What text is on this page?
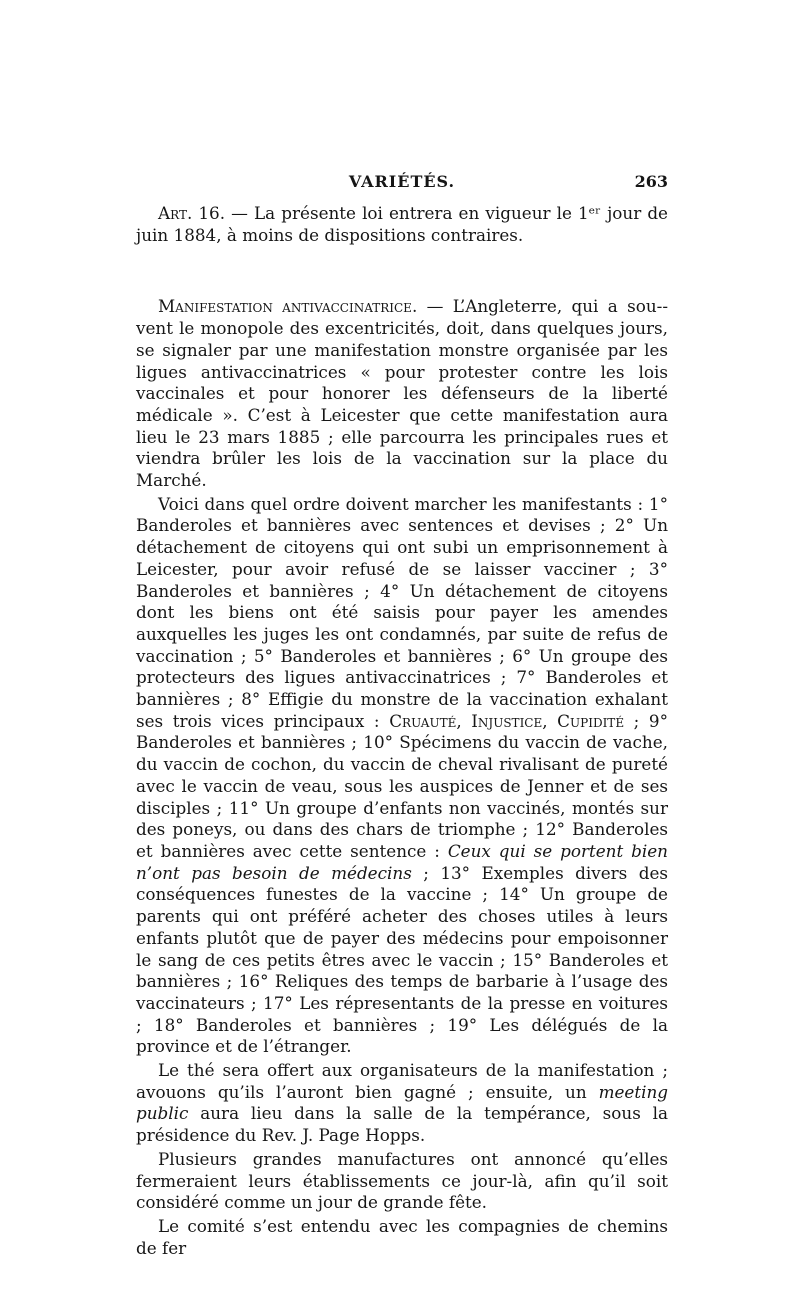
VARIÉTÉS.	263

Art. 16. — La présente loi entrera en vigueur le 1ᵉʳ jour de juin 1884, à moins de dispositions contraires.

Manifestation antivaccinatrice. — L’Angleterre, qui a sou-vent le monopole des excentricités, doit, dans quelques jours, se signaler par une manifestation monstre organisée par les ligues antivaccinatrices « pour protester contre les lois vaccinales et pour honorer les défenseurs de la liberté médicale ». C’est à Leicester que cette manifestation aura lieu le 23 mars 1885 ; elle parcourra les principales rues et viendra brûler les lois de la vaccination sur la place du Marché.

Voici dans quel ordre doivent marcher les manifestants : 1° Banderoles et bannières avec sentences et devises ; 2° Un détachement de citoyens qui ont subi un emprisonnement à Leicester, pour avoir refusé de se laisser vacciner ; 3° Banderoles et bannières ; 4° Un détachement de citoyens dont les biens ont été saisis pour payer les amendes auxquelles les juges les ont condamnés, par suite de refus de vaccination ; 5° Banderoles et bannières ; 6° Un groupe des protecteurs des ligues antivaccinatrices ; 7° Banderoles et bannières ; 8° Effigie du monstre de la vaccination exhalant ses trois vices principaux : Cruauté, Injustice, Cupidité ; 9° Banderoles et bannières ; 10° Spécimens du vaccin de vache, du vaccin de cochon, du vaccin de cheval rivalisant de pureté avec le vaccin de veau, sous les auspices de Jenner et de ses disciples ; 11° Un groupe d’enfants non vaccinés, montés sur des poneys, ou dans des chars de triomphe ; 12° Banderoles et bannières avec cette sentence : Ceux qui se portent bien n’ont pas besoin de médecins ; 13° Exemples divers des conséquences funestes de la vaccine ; 14° Un groupe de parents qui ont préféré acheter des choses utiles à leurs enfants plutôt que de payer des médecins pour empoisonner le sang de ces petits êtres avec le vaccin ; 15° Banderoles et bannières ; 16° Reliques des temps de barbarie à l’usage des vaccinateurs ; 17° Les répresentants de la presse en voitures ; 18° Banderoles et bannières ; 19° Les délégués de la province et de l’étranger.

Le thé sera offert aux organisateurs de la manifestation ; avouons qu’ils l’auront bien gagné ; ensuite, un meeting public aura lieu dans la salle de la tempérance, sous la présidence du Rev. J. Page Hopps.

Plusieurs grandes manufactures ont annoncé qu’elles fermeraient leurs établissements ce jour-là, afin qu’il soit considéré comme un jour de grande fête.

Le comité s’est entendu avec les compagnies de chemins de fer
